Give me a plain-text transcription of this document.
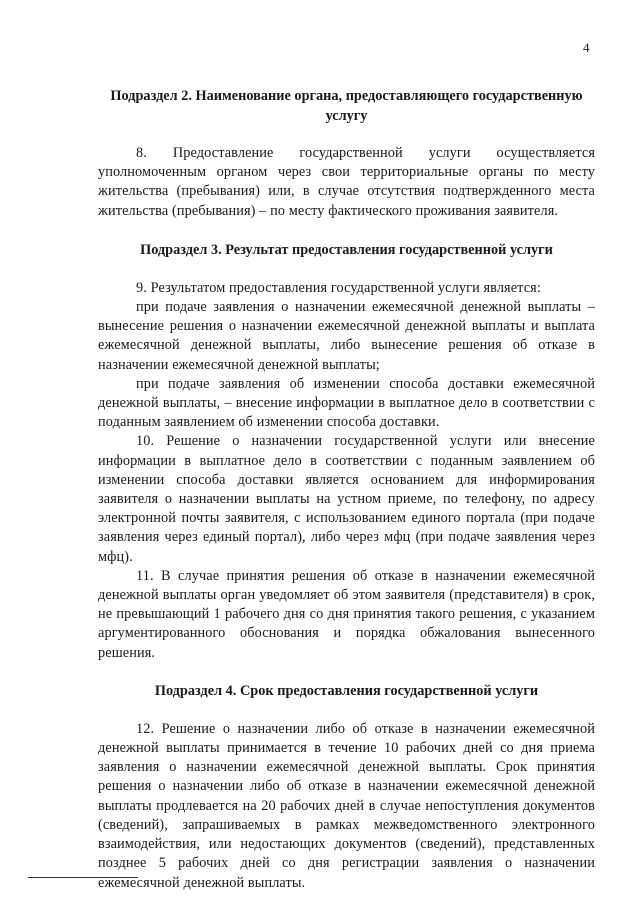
4

Подраздел 2. Наименование органа, предоставляющего государственную услугу

8. Предоставление государственной услуги осуществляется уполномоченным органом через свои территориальные органы по месту жительства (пребывания) или, в случае отсутствия подтвержденного места жительства (пребывания) – по месту фактического проживания заявителя.

Подраздел 3. Результат предоставления государственной услуги

9. Результатом предоставления государственной услуги является:

при подаче заявления о назначении ежемесячной денежной выплаты – вынесение решения о назначении ежемесячной денежной выплаты и выплата ежемесячной денежной выплаты, либо вынесение решения об отказе в назначении ежемесячной денежной выплаты;

при подаче заявления об изменении способа доставки ежемесячной денежной выплаты, – внесение информации в выплатное дело в соответствии с поданным заявлением об изменении способа доставки.

10. Решение о назначении государственной услуги или внесение информации в выплатное дело в соответствии с поданным заявлением об изменении способа доставки является основанием для информирования заявителя о назначении выплаты на устном приеме, по телефону, по адресу электронной почты заявителя, с использованием единого портала (при подаче заявления через единый портал), либо через мфц (при подаче заявления через мфц).

11. В случае принятия решения об отказе в назначении ежемесячной денежной выплаты орган уведомляет об этом заявителя (представителя) в срок, не превышающий 1 рабочего дня со дня принятия такого решения, с указанием аргументированного обоснования и порядка обжалования вынесенного решения.

Подраздел 4. Срок предоставления государственной услуги

12. Решение о назначении либо об отказе в назначении ежемесячной денежной выплаты принимается в течение 10 рабочих дней со дня приема заявления о назначении ежемесячной денежной выплаты. Срок принятия решения о назначении либо об отказе в назначении ежемесячной денежной выплаты продлевается на 20 рабочих дней в случае непоступления документов (сведений), запрашиваемых в рамках межведомственного электронного взаимодействия, или недостающих документов (сведений), представленных позднее 5 рабочих дней со дня регистрации заявления о назначении ежемесячной денежной выплаты.
